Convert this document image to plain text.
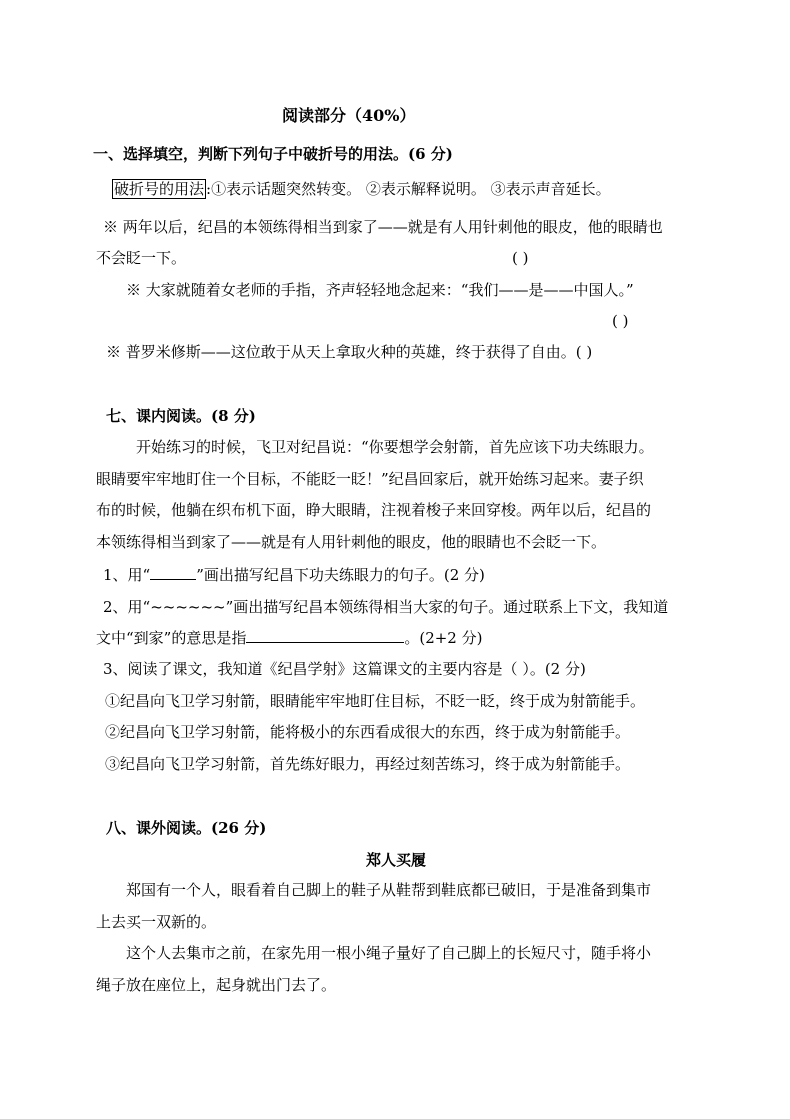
阅读部分（40%）
一、选择填空，判断下列句子中破折号的用法。(6 分)
破折号的用法 :①表示话题突然转变。 ②表示解释说明。 ③表示声音延长。
※ 两年以后，纪昌的本领练得相当到家了——就是有人用针刺他的眼皮，他的眼睛也
不会眨一下。	( )
※ 大家就随着女老师的手指，齐声轻轻地念起来：“我们——是——中国人。”
( )
※ 普罗米修斯——这位敢于从天上拿取火种的英雄，终于获得了自由。( )
七、课内阅读。(8 分)
开始练习的时候，飞卫对纪昌说：“你要想学会射箭，首先应该下功夫练眼力。
眼睛要牢牢地盯住一个目标，不能眨一眨！”纪昌回家后，就开始练习起来。妻子织
布的时候，他躺在织布机下面，睁大眼睛，注视着梭子来回穿梭。两年以后，纪昌的
本领练得相当到家了——就是有人用针刺他的眼皮，他的眼睛也不会眨一下。
1、用“	”画出描写纪昌下功夫练眼力的句子。(2 分)
2、用“~~~~~~”画出描写纪昌本领练得相当大家的句子。通过联系上下文，我知道
文中“到家”的意思是指	。(2+2 分)
3、阅读了课文，我知道《纪昌学射》这篇课文的主要内容是（ ）。(2 分)
①纪昌向飞卫学习射箭，眼睛能牢牢地盯住目标，不眨一眨，终于成为射箭能手。
②纪昌向飞卫学习射箭，能将极小的东西看成很大的东西，终于成为射箭能手。
③纪昌向飞卫学习射箭，首先练好眼力，再经过刻苦练习，终于成为射箭能手。
八、课外阅读。(26 分)
郑人买履
郑国有一个人，眼看着自己脚上的鞋子从鞋帮到鞋底都已破旧，于是准备到集市
上去买一双新的。
这个人去集市之前，在家先用一根小绳子量好了自己脚上的长短尺寸，随手将小
绳子放在座位上，起身就出门去了。
